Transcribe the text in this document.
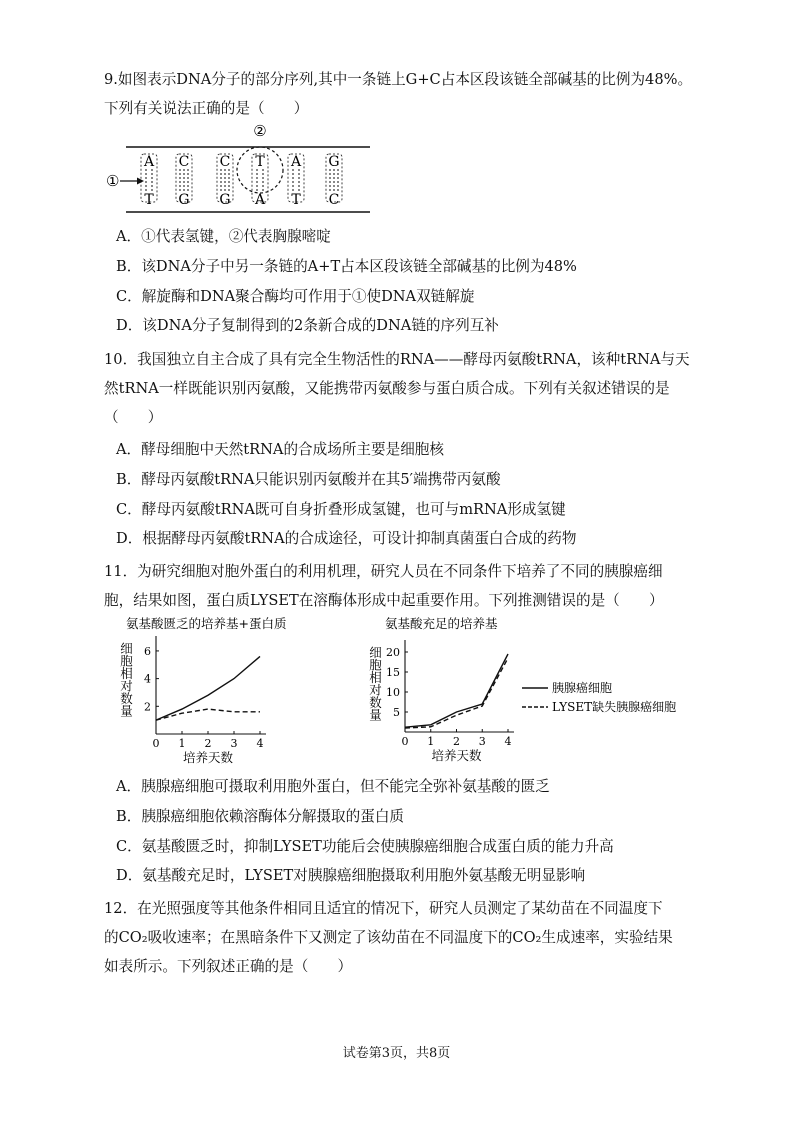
9.如图表示DNA分子的部分序列,其中一条链上G+C占本区段该链全部碱基的比例为48%。
下列有关说法正确的是（　　）
②
①
A
T
C
G
C
G
T
A
A
T
G
C
A．①代表氢键，②代表胸腺嘧啶
B．该DNA分子中另一条链的A+T占本区段该链全部碱基的比例为48%
C．解旋酶和DNA聚合酶均可作用于①使DNA双链解旋
D．该DNA分子复制得到的2条新合成的DNA链的序列互补
10．我国独立自主合成了具有完全生物活性的RNA——酵母丙氨酸tRNA，该种tRNA与天
然tRNA一样既能识别丙氨酸，又能携带丙氨酸参与蛋白质合成。下列有关叙述错误的是
（　　）
A．酵母细胞中天然tRNA的合成场所主要是细胞核
B．酵母丙氨酸tRNA只能识别丙氨酸并在其5′端携带丙氨酸
C．酵母丙氨酸tRNA既可自身折叠形成氢键，也可与mRNA形成氢键
D．根据酵母丙氨酸tRNA的合成途径，可设计抑制真菌蛋白合成的药物
11．为研究细胞对胞外蛋白的利用机理，研究人员在不同条件下培养了不同的胰腺癌细
胞，结果如图，蛋白质LYSET在溶酶体形成中起重要作用。下列推测错误的是（　　）
氨基酸匮乏的培养基+蛋白质
0 1 2 3 4
2
4
6
培养天数
细胞相对数量
氨基酸充足的培养基
0 1 2 3 4
5
10
15
20
培养天数
细胞相对数量	胰腺癌细胞
LYSET缺失胰腺癌细胞
A．胰腺癌细胞可摄取利用胞外蛋白，但不能完全弥补氨基酸的匮乏
B．胰腺癌细胞依赖溶酶体分解摄取的蛋白质
C．氨基酸匮乏时，抑制LYSET功能后会使胰腺癌细胞合成蛋白质的能力升高
D．氨基酸充足时，LYSET对胰腺癌细胞摄取利用胞外氨基酸无明显影响
12．在光照强度等其他条件相同且适宜的情况下，研究人员测定了某幼苗在不同温度下
的CO₂吸收速率；在黑暗条件下又测定了该幼苗在不同温度下的CO₂生成速率，实验结果
如表所示。下列叙述正确的是（　　）
试卷第3页，共8页
